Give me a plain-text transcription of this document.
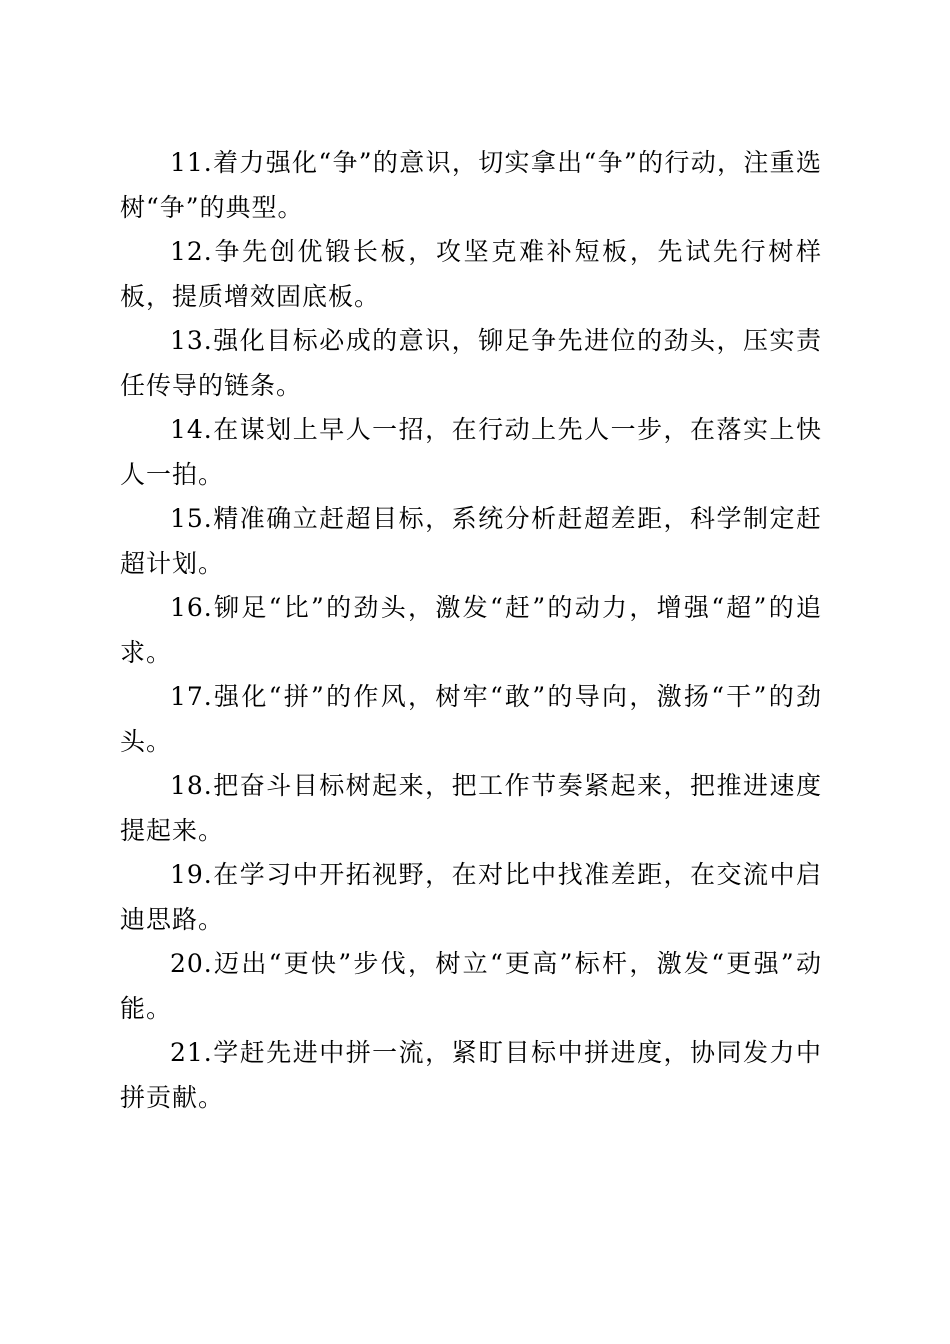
11.着力强化“争”的意识，切实拿出“争”的行动，注重选树“争”的典型。

12.争先创优锻长板，攻坚克难补短板，先试先行树样板，提质增效固底板。

13.强化目标必成的意识，铆足争先进位的劲头，压实责任传导的链条。

14.在谋划上早人一招，在行动上先人一步，在落实上快人一拍。

15.精准确立赶超目标，系统分析赶超差距，科学制定赶超计划。

16.铆足“比”的劲头，激发“赶”的动力，增强“超”的追求。

17.强化“拼”的作风，树牢“敢”的导向，激扬“干”的劲头。

18.把奋斗目标树起来，把工作节奏紧起来，把推进速度提起来。

19.在学习中开拓视野，在对比中找准差距，在交流中启迪思路。

20.迈出“更快”步伐，树立“更高”标杆，激发“更强”动能。

21.学赶先进中拼一流，紧盯目标中拼进度，协同发力中拼贡献。
